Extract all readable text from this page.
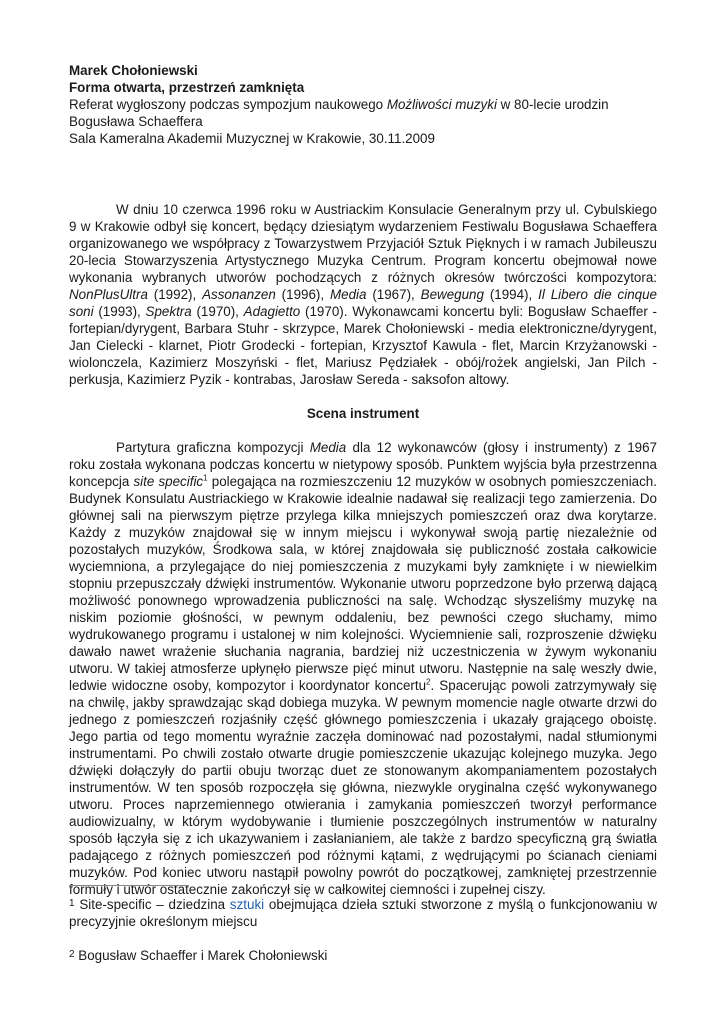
Marek Chołoniewski

Forma otwarta, przestrzeń zamknięta

Referat wygłoszony podczas sympozjum naukowego Możliwości muzyki w 80-lecie urodzin

Bogusława Schaeffera

Sala Kameralna Akademii Muzycznej w Krakowie, 30.11.2009

W dniu 10 czerwca 1996 roku w Austriackim Konsulacie Generalnym przy ul. Cybulskiego 9 w Krakowie odbył się koncert, będący dziesiątym wydarzeniem Festiwalu Bogusława Schaeffera organizowanego we współpracy z Towarzystwem Przyjaciół Sztuk Pięknych i w ramach Jubileuszu 20-lecia Stowarzyszenia Artystycznego Muzyka Centrum. Program koncertu obejmował nowe wykonania wybranych utworów pochodzących z różnych okresów twórczości kompozytora: NonPlusUltra (1992), Assonanzen (1996), Media (1967), Bewegung (1994), Il Libero die cinque soni (1993), Spektra (1970), Adagietto (1970). Wykonawcami koncertu byli: Bogusław Schaeffer - fortepian/dyrygent, Barbara Stuhr - skrzypce, Marek Chołoniewski - media elektroniczne/dyrygent, Jan Cielecki - klarnet, Piotr Grodecki - fortepian, Krzysztof Kawula - flet, Marcin Krzyżanowski - wiolonczela, Kazimierz Moszyński - flet, Mariusz Pędziałek - obój/rożek angielski, Jan Pilch - perkusja, Kazimierz Pyzik - kontrabas, Jarosław Sereda - saksofon altowy.

Scena instrument

Partytura graficzna kompozycji Media dla 12 wykonawców (głosy i instrumenty) z 1967 roku została wykonana podczas koncertu w nietypowy sposób. Punktem wyjścia była przestrzenna koncepcja site specific$^1$ polegająca na rozmieszczeniu 12 muzyków w osobnych pomieszczeniach. Budynek Konsulatu Austriackiego w Krakowie idealnie nadawał się realizacji tego zamierzenia. Do głównej sali na pierwszym piętrze przylega kilka mniejszych pomieszczeń oraz dwa korytarze. Każdy z muzyków znajdował się w innym miejscu i wykonywał swoją partię niezależnie od pozostałych muzyków, Środkowa sala, w której znajdowała się publiczność została całkowicie wyciemniona, a przylegające do niej pomieszczenia z muzykami były zamknięte i w niewielkim stopniu przepuszczały dźwięki instrumentów. Wykonanie utworu poprzedzone było przerwą dającą możliwość ponownego wprowadzenia publiczności na salę. Wchodząc słyszeliśmy muzykę na niskim poziomie głośności, w pewnym oddaleniu, bez pewności czego słuchamy, mimo wydrukowanego programu i ustalonej w nim kolejności. Wyciemnienie sali, rozproszenie dźwięku dawało nawet wrażenie słuchania nagrania, bardziej niż uczestniczenia w żywym wykonaniu utworu. W takiej atmosferze upłynęło pierwsze pięć minut utworu. Następnie na salę weszły dwie, ledwie widoczne osoby, kompozytor i koordynator koncertu$^2$. Spacerując powoli zatrzymywały się na chwilę, jakby sprawdzając skąd dobiega muzyka. W pewnym momencie nagle otwarte drzwi do jednego z pomieszczeń rozjaśniły część głównego pomieszczenia i ukazały grającego oboistę. Jego partia od tego momentu wyraźnie zaczęła dominować nad pozostałymi, nadal stłumionymi instrumentami. Po chwili zostało otwarte drugie pomieszczenie ukazując kolejnego muzyka. Jego dźwięki dołączyły do partii obuju tworząc duet ze stonowanym akompaniamentem pozostałych instrumentów. W ten sposób rozpoczęła się główna, niezwykle oryginalna część wykonywanego utworu. Proces naprzemiennego otwierania i zamykania pomieszczeń tworzył performance audiowizualny, w którym wydobywanie i tłumienie poszczególnych instrumentów w naturalny sposób łączyła się z ich ukazywaniem i zasłanianiem, ale także z bardzo specyficzną grą światła padającego z różnych pomieszczeń pod różnymi kątami, z wędrującymi po ścianach cieniami muzyków. Pod koniec utworu nastąpił powolny powrót do początkowej, zamkniętej przestrzennie formuły i utwór ostatecznie zakończył się w całkowitej ciemności i zupełnej ciszy.

$^1$ Site-specific – dziedzina sztuki obejmująca dzieła sztuki stworzone z myślą o funkcjonowaniu w precyzyjnie określonym miejscu

$^2$ Bogusław Schaeffer i Marek Chołoniewski
